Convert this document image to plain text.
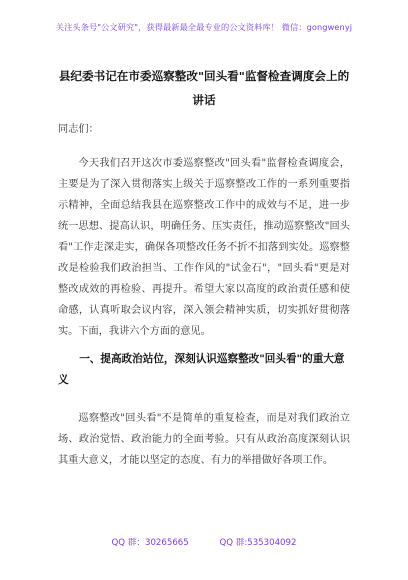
关注头条号"公文研究"，获得最新最全最专业的公文资料库！ 微信：gongwenyj
县纪委书记在市委巡察整改"回头看"监督检查调度会上的讲话
同志们：

今天我们召开这次市委巡察整改"回头看"监督检查调度会，主要是为了深入贯彻落实上级关于巡察整改工作的一系列重要指示精神，全面总结我县在巡察整改工作中的成效与不足，进一步统一思想、提高认识，明确任务、压实责任，推动巡察整改"回头看"工作走深走实，确保各项整改任务不折不扣落到实处。巡察整改是检验我们政治担当、工作作风的"试金石"，"回头看"更是对整改成效的再检验、再提升。希望大家以高度的政治责任感和使命感，认真听取会议内容，深入领会精神实质，切实抓好贯彻落实。下面，我讲六个方面的意见。

一、提高政治站位，深刻认识巡察整改"回头看"的重大意义

巡察整改"回头看"不是简单的重复检查，而是对我们政治立场、政治觉悟、政治能力的全面考验。只有从政治高度深刻认识其重大意义，才能以坚定的态度、有力的举措做好各项工作。

QQ 群：30265665	QQ 群:535304092
